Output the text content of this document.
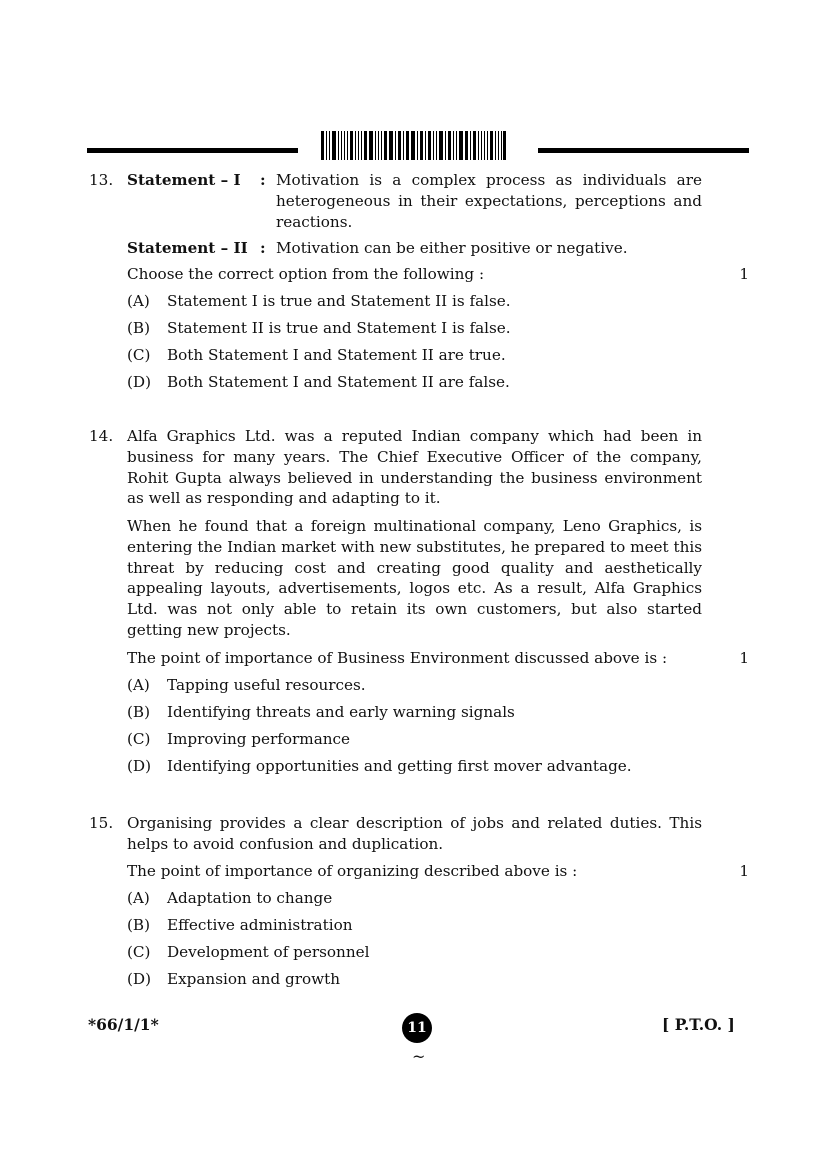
13. Statement – I : Motivation is a complex process as individuals are heterogeneous in their expectations, perceptions and reactions.
Statement – II : Motivation can be either positive or negative.
Choose the correct option from the following :	1
(A) Statement I is true and Statement II is false.
(B) Statement II is true and Statement I is false.
(C) Both Statement I and Statement II are true.
(D) Both Statement I and Statement II are false.
14. Alfa Graphics Ltd. was a reputed Indian company which had been in business for many years. The Chief Executive Officer of the company, Rohit Gupta always believed in understanding the business environment as well as responding and adapting to it.

When he found that a foreign multinational company, Leno Graphics, is entering the Indian market with new substitutes, he prepared to meet this threat by reducing cost and creating good quality and aesthetically appealing layouts, advertisements, logos etc. As a result, Alfa Graphics Ltd. was not only able to retain its own customers, but also started getting new projects.

The point of importance of Business Environment discussed above is :	1
(A) Tapping useful resources.
(B) Identifying threats and early warning signals
(C) Improving performance
(D) Identifying opportunities and getting first mover advantage.
15. Organising provides a clear description of jobs and related duties. This helps to avoid confusion and duplication.

The point of importance of organizing described above is :	1
(A) Adaptation to change
(B) Effective administration
(C) Development of personnel
(D) Expansion and growth
*66/1/1*	11
~
[ P.T.O. ]
